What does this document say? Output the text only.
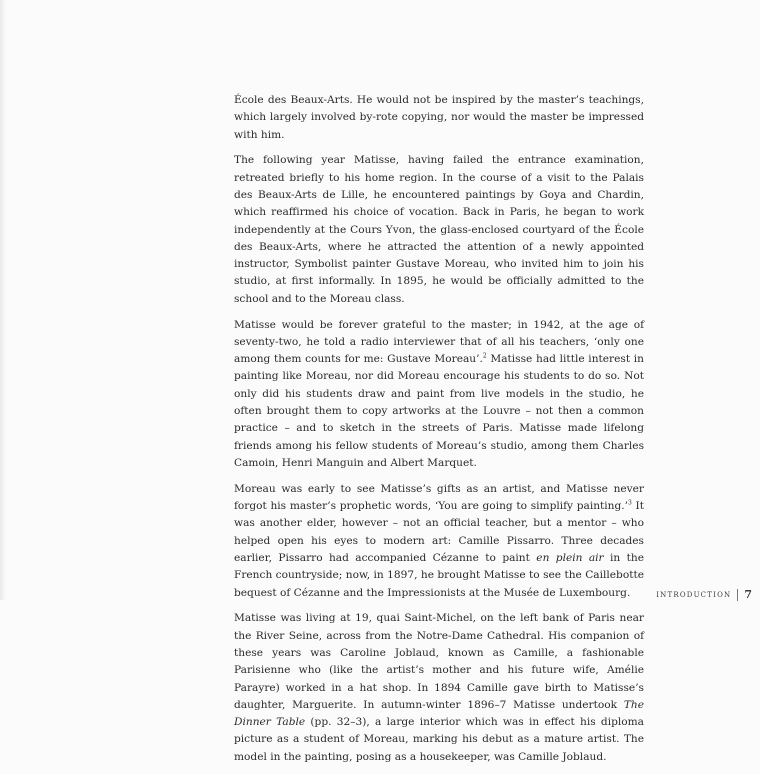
École des Beaux-Arts. He would not be inspired by the master’s teachings, which largely involved by-rote copying, nor would the master be impressed with him.

The following year Matisse, having failed the entrance examination, retreated briefly to his home region. In the course of a visit to the Palais des Beaux-Arts de Lille, he encountered paintings by Goya and Chardin, which reaffirmed his choice of vocation. Back in Paris, he began to work independently at the Cours Yvon, the glass-enclosed courtyard of the École des Beaux-Arts, where he attracted the attention of a newly appointed instructor, Symbolist painter Gustave Moreau, who invited him to join his studio, at first informally. In 1895, he would be officially admitted to the school and to the Moreau class.

Matisse would be forever grateful to the master; in 1942, at the age of seventy-two, he told a radio interviewer that of all his teachers, ‘only one among them counts for me: Gustave Moreau’.$^2$ Matisse had little interest in painting like Moreau, nor did Moreau encourage his students to do so. Not only did his students draw and paint from live models in the studio, he often brought them to copy artworks at the Louvre – not then a common practice – and to sketch in the streets of Paris. Matisse made lifelong friends among his fellow students of Moreau’s studio, among them Charles Camoin, Henri Manguin and Albert Marquet.

Moreau was early to see Matisse’s gifts as an artist, and Matisse never forgot his master’s prophetic words, ‘You are going to simplify painting.’$^3$ It was another elder, however – not an official teacher, but a mentor – who helped open his eyes to modern art: Camille Pissarro. Three decades earlier, Pissarro had accompanied Cézanne to paint en plein air in the French countryside; now, in 1897, he brought Matisse to see the Caillebotte bequest of Cézanne and the Impressionists at the Musée de Luxembourg.

Matisse was living at 19, quai Saint-Michel, on the left bank of Paris near the River Seine, across from the Notre-Dame Cathedral. His companion of these years was Caroline Joblaud, known as Camille, a fashionable Parisienne who (like the artist’s mother and his future wife, Amélie Parayre) worked in a hat shop. In 1894 Camille gave birth to Matisse’s daughter, Marguerite. In autumn-winter 1896–7 Matisse undertook The Dinner Table (pp. 32–3), a large interior which was in effect his diploma picture as a student of Moreau, marking his debut as a mature artist. The model in the painting, posing as a housekeeper, was Camille Joblaud.

INTRODUCTION 7
